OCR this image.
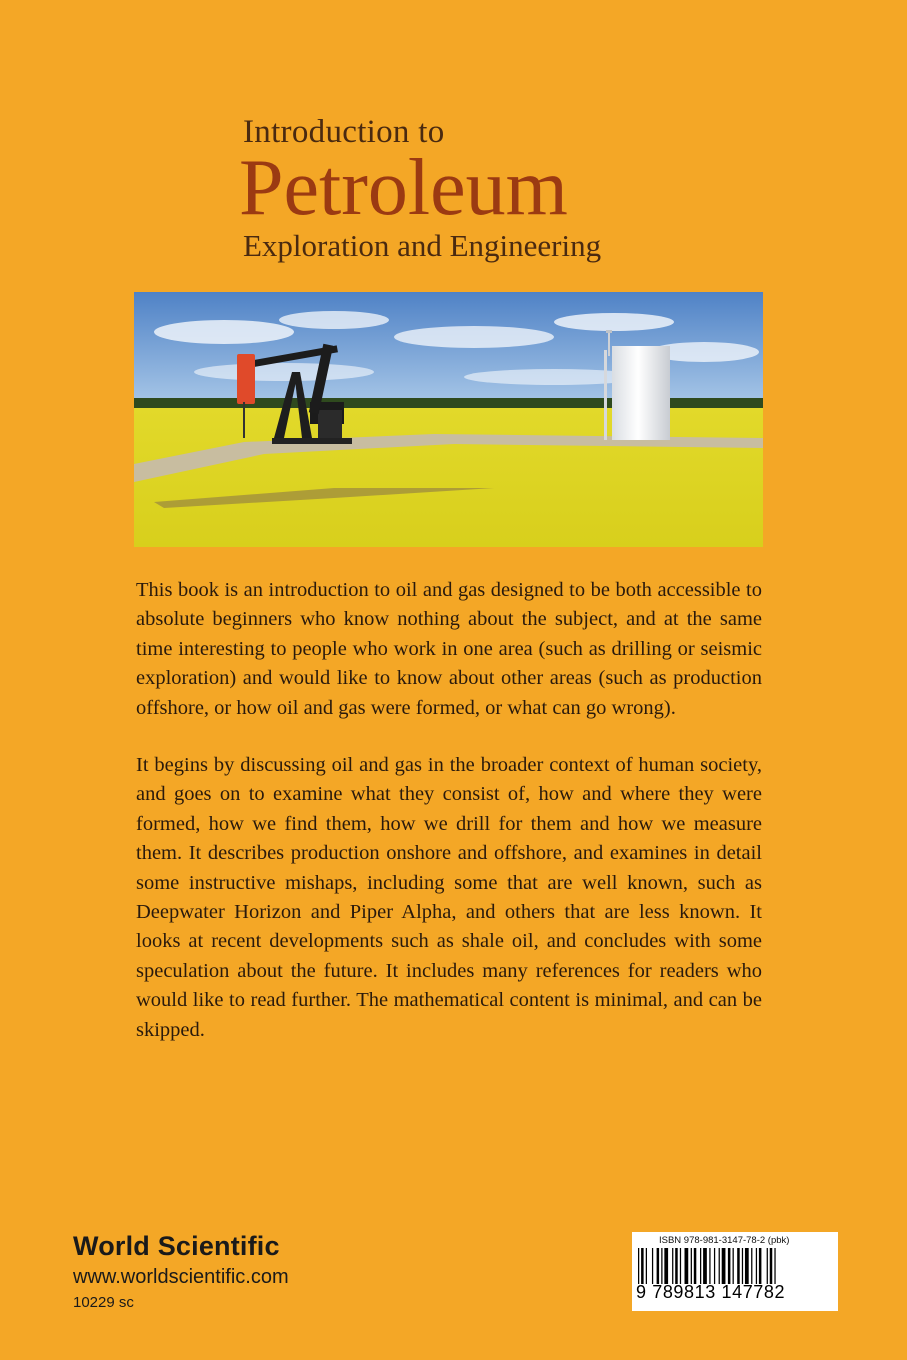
Introduction to
Petroleum
Exploration and Engineering

This book is an introduction to oil and gas designed to be both accessible to absolute beginners who know nothing about the subject, and at the same time interesting to people who work in one area (such as drilling or seismic exploration) and would like to know about other areas (such as production offshore, or how oil and gas were formed, or what can go wrong).

It begins by discussing oil and gas in the broader context of human society, and goes on to examine what they consist of, how and where they were formed, how we find them, how we drill for them and how we measure them. It describes production onshore and offshore, and examines in detail some instructive mishaps, including some that are well known, such as Deepwater Horizon and Piper Alpha, and others that are less known. It looks at recent developments such as shale oil, and concludes with some speculation about the future. It includes many references for readers who would like to read further. The mathematical content is minimal, and can be skipped.

World Scientific
www.worldscientific.com
10229 sc
ISBN 978-981-3147-78-2 (pbk)
9 789813 147782
